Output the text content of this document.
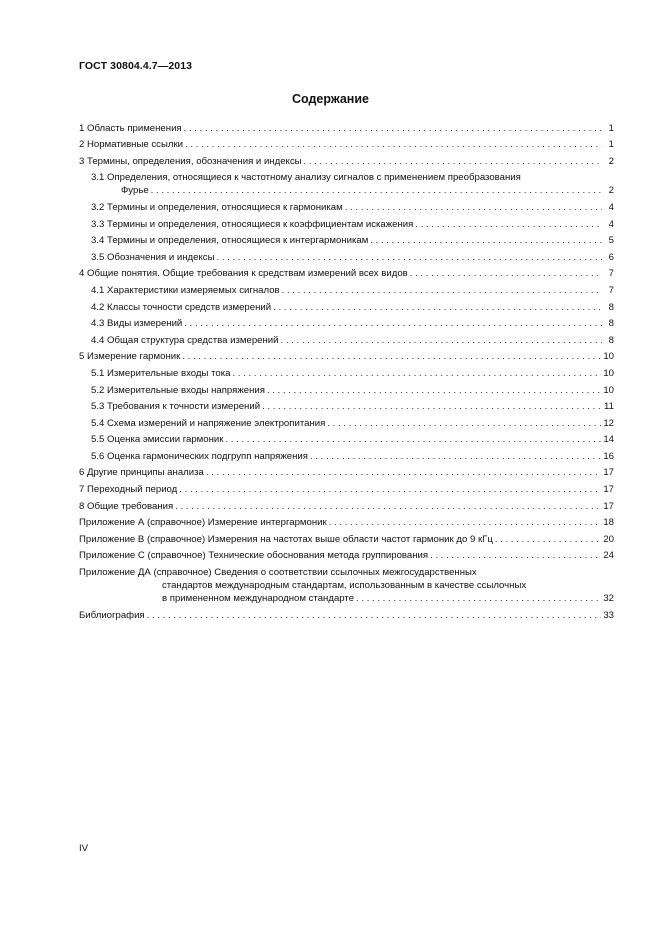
ГОСТ 30804.4.7—2013
Содержание
1 Область применения . . .	1
2 Нормативные ссылки . . .	1
3 Термины, определения, обозначения и индексы . . .	2
3.1 Определения, относящиеся к частотному анализу сигналов с применением преобразования
Фурье . . .	2
3.2 Термины и определения, относящиеся к гармоникам . . .	4
3.3 Термины и определения, относящиеся к коэффициентам искажения . . .	4
3.4 Термины и определения, относящиеся к интергармоникам . . .	5
3.5 Обозначения и индексы . . .	6
4 Общие понятия. Общие требования к средствам измерений всех видов . . .	7
4.1 Характеристики измеряемых сигналов . . .	7
4.2 Классы точности средств измерений . . .	8
4.3 Виды измерений . . .	8
4.4 Общая структура средства измерений . . .	8
5 Измерение гармоник . . .	10
5.1 Измерительные входы тока . . .	10
5.2 Измерительные входы напряжения . . .	10
5.3 Требования к точности измерений . . .	11
5.4 Схема измерений и напряжение электропитания . . .	12
5.5 Оценка эмиссии гармоник . . .	14
5.6 Оценка гармонических подгрупп напряжения . . .	16
6 Другие принципы анализа . . .	17
7 Переходный период . . .	17
8 Общие требования . . .	17
Приложение А (справочное) Измерение интергармоник . . .	18
Приложение В (справочное) Измерения на частотах выше области частот гармоник до 9 кГц . . .	20
Приложение С (справочное) Технические обоснования метода группирования . . .	24
Приложение ДА (справочное) Сведения о соответствии ссылочных межгосударственных
стандартов международным стандартам, использованным в качестве ссылочных
в примененном международном стандарте . . .	32
Библиография . . .	33
IV
